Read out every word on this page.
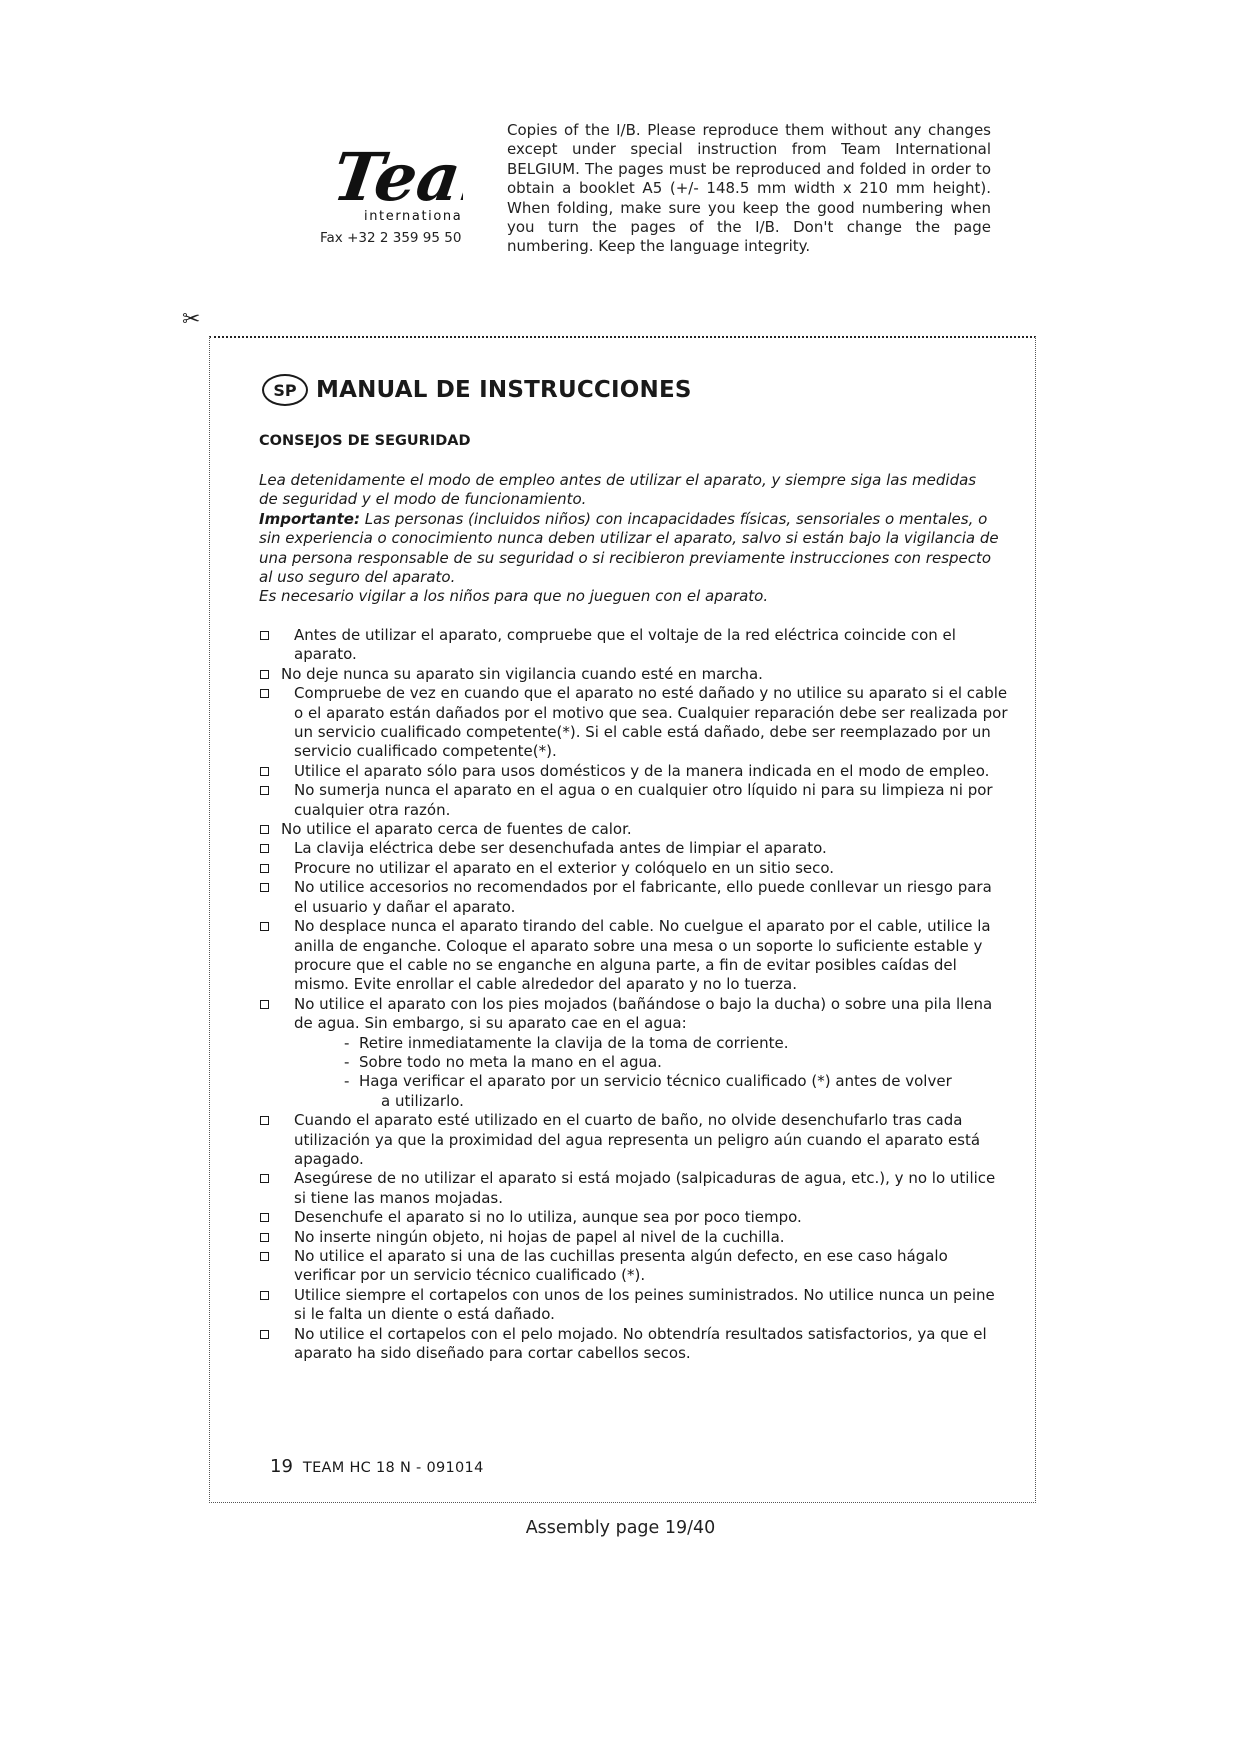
Team
international
Fax +32 2 359 95 50
Copies of the I/B. Please reproduce them without any changes except under special instruction from Team International BELGIUM. The pages must be reproduced and folded in order to obtain a booklet A5 (+/- 148.5 mm width x 210 mm height). When folding, make sure you keep the good numbering when you turn the pages of the I/B. Don't change the page numbering. Keep the language integrity.
✂
SP MANUAL DE INSTRUCCIONES
CONSEJOS DE SEGURIDAD

Lea detenidamente el modo de empleo antes de utilizar el aparato, y siempre siga las medidas de seguridad y el modo de funcionamiento.

Importante: Las personas (incluidos niños) con incapacidades físicas, sensoriales o mentales, o sin experiencia o conocimiento nunca deben utilizar el aparato, salvo si están bajo la vigilancia de una persona responsable de su seguridad o si recibieron previamente instrucciones con respecto al uso seguro del aparato.

Es necesario vigilar a los niños para que no jueguen con el aparato.

Antes de utilizar el aparato, compruebe que el voltaje de la red eléctrica coincide con el aparato.
No deje nunca su aparato sin vigilancia cuando esté en marcha.
Compruebe de vez en cuando que el aparato no esté dañado y no utilice su aparato si el cable o el aparato están dañados por el motivo que sea. Cualquier reparación debe ser realizada por un servicio cualificado competente(*). Si el cable está dañado, debe ser reemplazado por un servicio cualificado competente(*).
Utilice el aparato sólo para usos domésticos y de la manera indicada en el modo de empleo.
No sumerja nunca el aparato en el agua o en cualquier otro líquido ni para su limpieza ni por cualquier otra razón.
No utilice el aparato cerca de fuentes de calor.
La clavija eléctrica debe ser desenchufada antes de limpiar el aparato.
Procure no utilizar el aparato en el exterior y colóquelo en un sitio seco.
No utilice accesorios no recomendados por el fabricante, ello puede conllevar un riesgo para el usuario y dañar el aparato.
No desplace nunca el aparato tirando del cable. No cuelgue el aparato por el cable, utilice la anilla de enganche. Coloque el aparato sobre una mesa o un soporte lo suficiente estable y procure que el cable no se enganche en alguna parte, a fin de evitar posibles caídas del mismo. Evite enrollar el cable alrededor del aparato y no lo tuerza.
No utilice el aparato con los pies mojados (bañándose o bajo la ducha) o sobre una pila llena de agua. Sin embargo, si su aparato cae en el agua:
- Retire inmediatamente la clavija de la toma de corriente.
- Sobre todo no meta la mano en el agua.
- Haga verificar el aparato por un servicio técnico cualificado (*) antes de volver
a utilizarlo.
Cuando el aparato esté utilizado en el cuarto de baño, no olvide desenchufarlo tras cada utilización ya que la proximidad del agua representa un peligro aún cuando el aparato está apagado.
Asegúrese de no utilizar el aparato si está mojado (salpicaduras de agua, etc.), y no lo utilice si tiene las manos mojadas.
Desenchufe el aparato si no lo utiliza, aunque sea por poco tiempo.
No inserte ningún objeto, ni hojas de papel al nivel de la cuchilla.
No utilice el aparato si una de las cuchillas presenta algún defecto, en ese caso hágalo verificar por un servicio técnico cualificado (*).
Utilice siempre el cortapelos con unos de los peines suministrados. No utilice nunca un peine si le falta un diente o está dañado.
No utilice el cortapelos con el pelo mojado. No obtendría resultados satisfactorios, ya que el aparato ha sido diseñado para cortar cabellos secos.
19 TEAM HC 18 N - 091014
Assembly page 19/40
